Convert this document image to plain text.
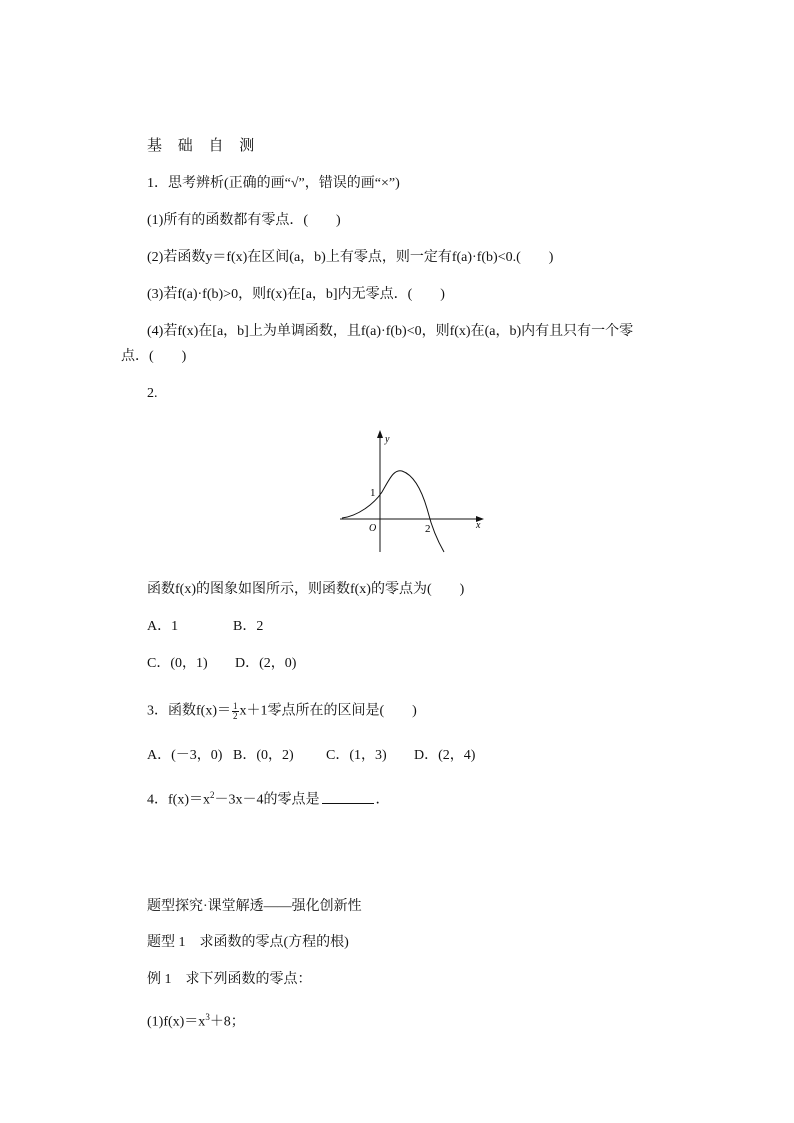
基 础 自 测
1．思考辨析(正确的画“√”，错误的画“×”)
(1)所有的函数都有零点．(　　)
(2)若函数y＝f(x)在区间(a，b)上有零点，则一定有f(a)·f(b)<0.(　　)
(3)若f(a)·f(b)>0，则f(x)在[a，b]内无零点．(　　)
(4)若f(x)在[a，b]上为单调函数，且f(a)·f(b)<0，则f(x)在(a，b)内有且只有一个零
点．(　　)
2.
y
x
O
1
2
函数f(x)的图象如图所示，则函数f(x)的零点为(　　)
A．1	B．2
C．(0，1) D．(2，0)
3．函数$f(x)= \frac{1}{2} x+1$零点所在的区间是(　　)
A．(－3，0) B．(0，2) C．(1，3) D．(2，4)
4．$f(x)=x^2-3x-4$的零点是	．
题型探究·课堂解透——强化创新性
题型 1　求函数的零点(方程的根)
例 1　求下列函数的零点：
$(1)f(x)=x^3+8$；
